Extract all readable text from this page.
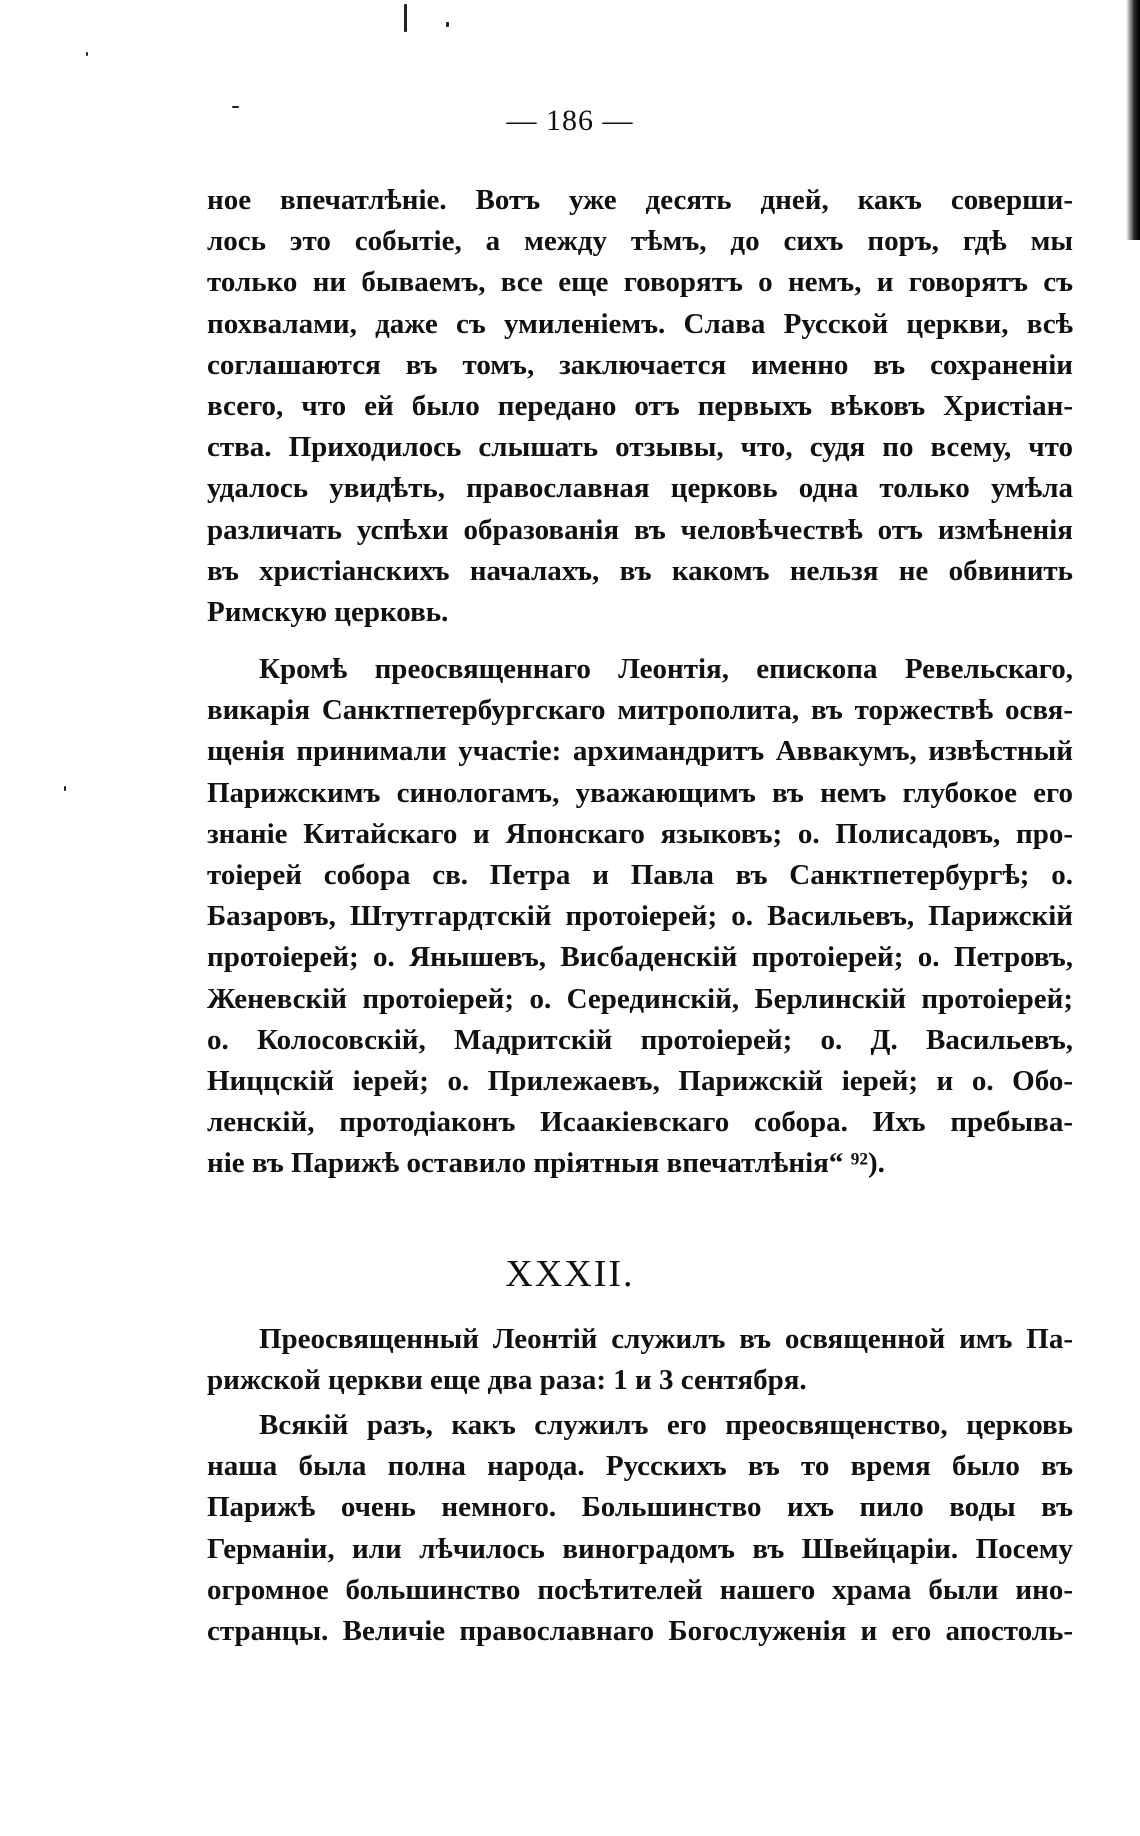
— 186 —
ное впечатлѣніе. Вотъ уже десять дней, какъ соверши-
лось это событіе, а между тѣмъ, до сихъ поръ, гдѣ мы
только ни бываемъ, все еще говорятъ о немъ, и говорятъ съ
похвалами, даже съ умиленіемъ. Слава Русской церкви, всѣ
соглашаются въ томъ, заключается именно въ сохраненіи
всего, что ей было передано отъ первыхъ вѣковъ Христіан-
ства. Приходилось слышать отзывы, что, судя по всему, что
удалось увидѣть, православная церковь одна только умѣла
различать успѣхи образованія въ человѣчествѣ отъ измѣненія
въ христіанскихъ началахъ, въ какомъ нельзя не обвинить
Римскую церковь.
Кромѣ преосвященнаго Леонтія, епископа Ревельскаго,
викарія Санктпетербургскаго митрополита, въ торжествѣ освя-
щенія принимали участіе: архимандритъ Аввакумъ, извѣстный
Парижскимъ синологамъ, уважающимъ въ немъ глубокое его
знаніе Китайскаго и Японскаго языковъ; о. Полисадовъ, про-
тоіерей собора св. Петра и Павла въ Санктпетербургѣ; о.
Базаровъ, Штутгардтскій протоіерей; о. Васильевъ, Парижскій
протоіерей; о. Янышевъ, Висбаденскій протоіерей; о. Петровъ,
Женевскій протоіерей; о. Серединскій, Берлинскій протоіерей;
о. Колосовскій, Мадритскій протоіерей; о. Д. Васильевъ,
Ниццскій іерей; о. Прилежаевъ, Парижскій іерей; и о. Обо-
ленскій, протодіаконъ Исаакіевскаго собора. Ихъ пребыва-
ніе въ Парижѣ оставило пріятныя впечатлѣнія“ ⁹²).
XXXII.
Преосвященный Леонтій служилъ въ освященной имъ Па-
рижской церкви еще два раза: 1 и 3 сентября.
Всякій разъ, какъ служилъ его преосвященство, церковь
наша была полна народа. Русскихъ въ то время было въ
Парижѣ очень немного. Большинство ихъ пило воды въ
Германіи, или лѣчилось виноградомъ въ Швейцаріи. Посему
огромное большинство посѣтителей нашего храма были ино-
странцы. Величіе православнаго Богослуженія и его апостоль-
